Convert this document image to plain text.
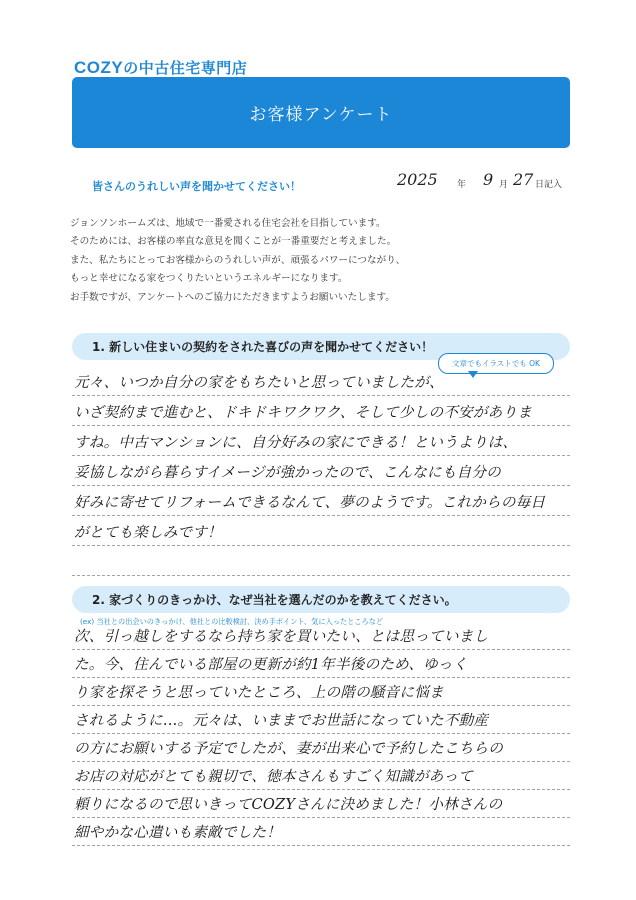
COZYの中古住宅専門店
お客様アンケート
皆さんのうれしい声を聞かせてください！	2025 年 9 月 27 日記入
ジョンソンホームズは、地域で一番愛される住宅会社を目指しています。
そのためには、お客様の率直な意見を聞くことが一番重要だと考えました。
また、私たちにとってお客様からのうれしい声が、頑張るパワーにつながり、
もっと幸せになる家をつくりたいというエネルギーになります。
お手数ですが、アンケートへのご協力にただきますようお願いいたします。
1. 新しい住まいの契約をされた喜びの声を聞かせてください！
文章でもイラストでも OK
元々、いつか自分の家をもちたいと思っていましたが、
いざ契約まで進むと、ドキドキワクワク、そして少しの不安がありま
すね。中古マンションに、自分好みの家にできる！というよりは、
妥協しながら暮らすイメージが強かったので、こんなにも自分の
好みに寄せてリフォームできるなんて、夢のようです。これからの毎日
がとても楽しみです！
2. 家づくりのきっかけ、なぜ当社を選んだのかを教えてください。
(ex) 当社との出会いのきっかけ、他社との比較検討、決め手ポイント、気に入ったところなど
次、引っ越しをするなら持ち家を買いたい、とは思っていまし
た。今、住んでいる部屋の更新が約1年半後のため、ゆっく
り家を探そうと思っていたところ、上の階の騒音に悩ま
されるように…。元々は、いままでお世話になっていた不動産
の方にお願いする予定でしたが、妻が出来心で予約したこちらの
お店の対応がとても親切で、徳本さんもすごく知識があって
頼りになるので思いきってCOZYさんに決めました！小林さんの
細やかな心遣いも素敵でした！
